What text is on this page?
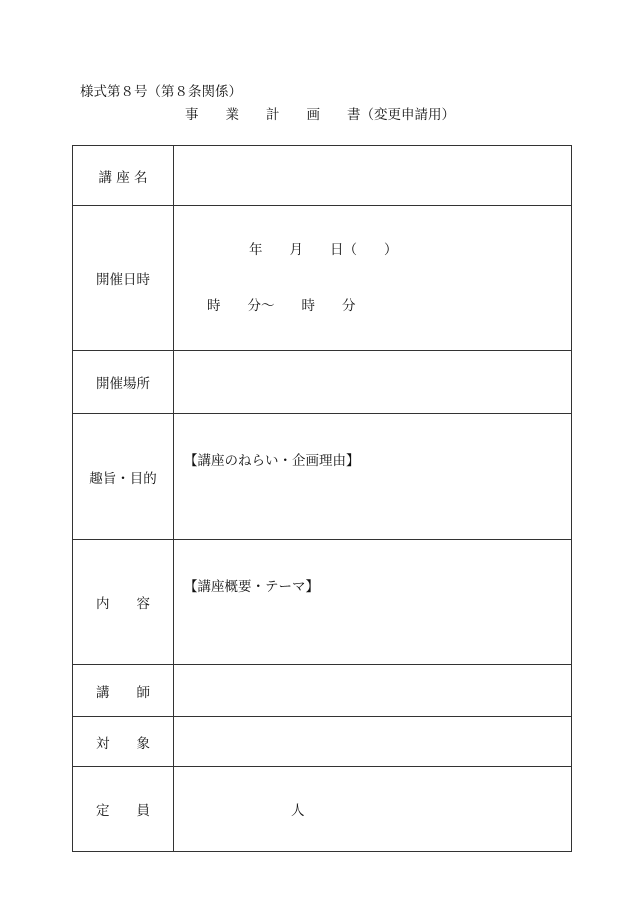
様式第８号（第８条関係）
事　　業　　計　　画　　書（変更申請用）
講 座 名	
開催日時	年　　月　　日（　　）

時　　分～　　時　　分

開催場所	
趣旨・目的	【講座のねらい・企画理由】

内　　容	【講座概要・テーマ】

講　　師	
対　　象	
定　　員	人
